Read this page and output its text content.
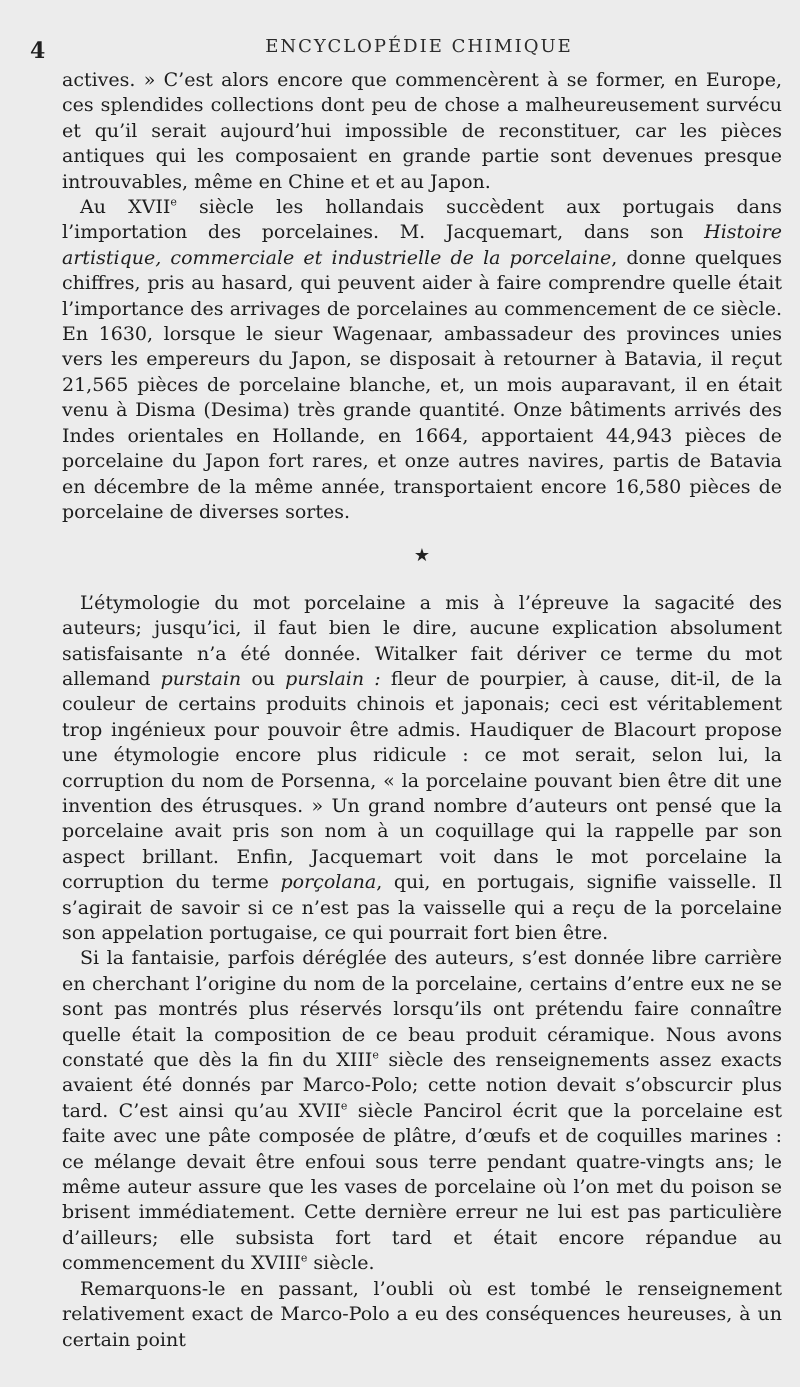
4	ENCYCLOPÉDIE CHIMIQUE

actives. » C’est alors encore que commencèrent à se former, en Europe, ces splendides collections dont peu de chose a malheureusement survécu et qu’il serait aujourd’hui impossible de reconstituer, car les pièces antiques qui les composaient en grande partie sont devenues presque introuvables, même en Chine et et au Japon.

Au XVIIe siècle les hollandais succèdent aux portugais dans l’importation des porcelaines. M. Jacquemart, dans son Histoire artistique, commerciale et industrielle de la porcelaine, donne quelques chiffres, pris au hasard, qui peuvent aider à faire comprendre quelle était l’importance des arrivages de porcelaines au commencement de ce siècle. En 1630, lorsque le sieur Wagenaar, ambassadeur des provinces unies vers les empereurs du Japon, se disposait à retourner à Batavia, il reçut 21,565 pièces de porcelaine blanche, et, un mois auparavant, il en était venu à Disma (Desima) très grande quantité. Onze bâtiments arrivés des Indes orientales en Hollande, en 1664, apportaient 44,943 pièces de porcelaine du Japon fort rares, et onze autres navires, partis de Batavia en décembre de la même année, transportaient encore 16,580 pièces de porcelaine de diverses sortes.

★

L’étymologie du mot porcelaine a mis à l’épreuve la sagacité des auteurs; jusqu’ici, il faut bien le dire, aucune explication absolument satisfaisante n’a été donnée. Witalker fait dériver ce terme du mot allemand purstain ou purslain : fleur de pourpier, à cause, dit-il, de la couleur de certains produits chinois et japonais; ceci est véritablement trop ingénieux pour pouvoir être admis. Haudiquer de Blacourt propose une étymologie encore plus ridicule : ce mot serait, selon lui, la corruption du nom de Porsenna, « la porcelaine pouvant bien être dit une invention des étrusques. » Un grand nombre d’auteurs ont pensé que la porcelaine avait pris son nom à un coquillage qui la rappelle par son aspect brillant. Enfin, Jacquemart voit dans le mot porcelaine la corruption du terme porçolana, qui, en portugais, signifie vaisselle. Il s’agirait de savoir si ce n’est pas la vaisselle qui a reçu de la porcelaine son appelation portugaise, ce qui pourrait fort bien être.

Si la fantaisie, parfois déréglée des auteurs, s’est donnée libre carrière en cherchant l’origine du nom de la porcelaine, certains d’entre eux ne se sont pas montrés plus réservés lorsqu’ils ont prétendu faire connaître quelle était la composition de ce beau produit céramique. Nous avons constaté que dès la fin du XIIIe siècle des renseignements assez exacts avaient été donnés par Marco-Polo; cette notion devait s’obscurcir plus tard. C’est ainsi qu’au XVIIe siècle Pancirol écrit que la porcelaine est faite avec une pâte composée de plâtre, d’œufs et de coquilles marines : ce mélange devait être enfoui sous terre pendant quatre-vingts ans; le même auteur assure que les vases de porcelaine où l’on met du poison se brisent immédiatement. Cette dernière erreur ne lui est pas particulière d’ailleurs; elle subsista fort tard et était encore répandue au commencement du XVIIIe siècle.

Remarquons-le en passant, l’oubli où est tombé le renseignement relativement exact de Marco-Polo a eu des conséquences heureuses, à un certain point
